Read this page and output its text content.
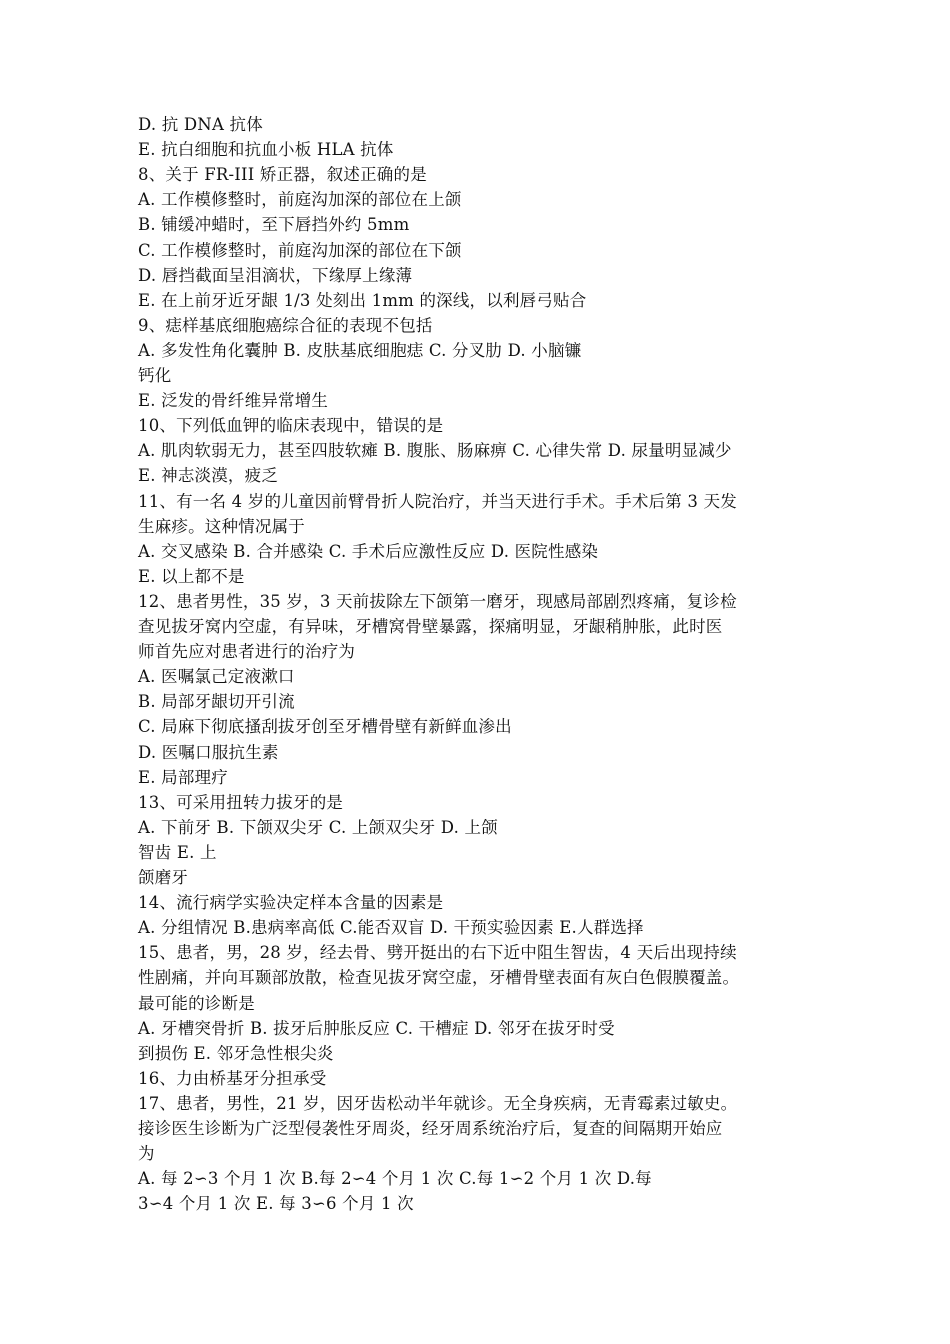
D. 抗 DNA 抗体
E. 抗白细胞和抗血小板 HLA 抗体
8、关于 FR-III 矫正器，叙述正确的是
A. 工作模修整时，前庭沟加深的部位在上颌
B. 铺缓冲蜡时，至下唇挡外约 5mm
C. 工作模修整时，前庭沟加深的部位在下颌
D. 唇挡截面呈泪滴状，下缘厚上缘薄
E. 在上前牙近牙龈 1/3 处刻出 1mm 的深线，以利唇弓贴合
9、痣样基底细胞癌综合征的表现不包括
A. 多发性角化囊肿 B. 皮肤基底细胞痣 C. 分叉肋 D. 小脑镰
钙化
E. 泛发的骨纤维异常增生
10、下列低血钾的临床表现中，错误的是
A. 肌肉软弱无力，甚至四肢软瘫 B. 腹胀、肠麻痹 C. 心律失常 D. 尿量明显减少
E. 神志淡漠，疲乏
11、有一名 4 岁的儿童因前臂骨折人院治疗，并当天进行手术。手术后第 3 天发
生麻疹。这种情况属于
A. 交叉感染 B. 合并感染 C. 手术后应激性反应 D. 医院性感染
E. 以上都不是
12、患者男性，35 岁，3 天前拔除左下颌第一磨牙，现感局部剧烈疼痛，复诊检
查见拔牙窝内空虚，有异味，牙槽窝骨壁暴露，探痛明显，牙龈稍肿胀，此时医
师首先应对患者进行的治疗为
A. 医嘱氯己定液漱口
B. 局部牙龈切开引流
C. 局麻下彻底搔刮拔牙创至牙槽骨壁有新鲜血渗出
D. 医嘱口服抗生素
E. 局部理疗
13、可采用扭转力拔牙的是
A. 下前牙 B. 下颌双尖牙 C. 上颌双尖牙 D. 上颌
智齿 E. 上
颌磨牙
14、流行病学实验决定样本含量的因素是
A. 分组情况 B.患病率高低 C.能否双盲 D. 干预实验因素 E.人群选择
15、患者，男，28 岁，经去骨、劈开挺出的右下近中阻生智齿，4 天后出现持续
性剧痛，并向耳颞部放散，检查见拔牙窝空虚，牙槽骨壁表面有灰白色假膜覆盖。
最可能的诊断是
A. 牙槽突骨折 B. 拔牙后肿胀反应 C. 干槽症 D. 邻牙在拔牙时受
到损伤 E. 邻牙急性根尖炎
16、力由桥基牙分担承受
17、患者，男性，21 岁，因牙齿松动半年就诊。无全身疾病，无青霉素过敏史。
接诊医生诊断为广泛型侵袭性牙周炎，经牙周系统治疗后，复查的间隔期开始应
为
A. 每 2∽3 个月 1 次 B.每 2∽4 个月 1 次 C.每 1∽2 个月 1 次 D.每
3∽4 个月 1 次 E. 每 3∽6 个月 1 次
